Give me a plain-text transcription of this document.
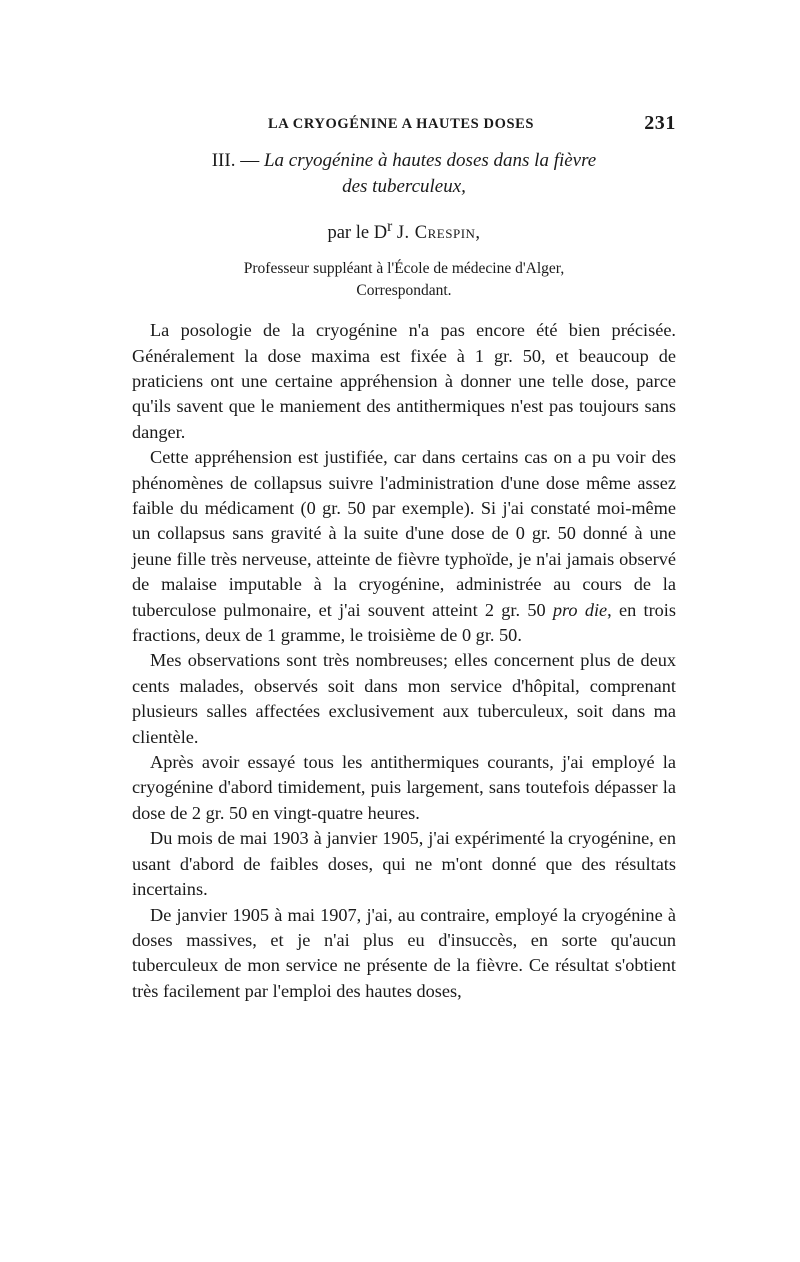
LA CRYOGÉNINE A HAUTES DOSES	231
III. — La cryogénine à hautes doses dans la fièvre
des tuberculeux,
par le $D^r$ J. Crespin,
Professeur suppléant à l'École de médecine d'Alger,
Correspondant.

La posologie de la cryogénine n'a pas encore été bien précisée. Généralement la dose maxima est fixée à 1 gr. 50, et beaucoup de praticiens ont une certaine appréhension à donner une telle dose, parce qu'ils savent que le maniement des antithermiques n'est pas toujours sans danger.

Cette appréhension est justifiée, car dans certains cas on a pu voir des phénomènes de collapsus suivre l'administration d'une dose même assez faible du médicament (0 gr. 50 par exemple). Si j'ai constaté moi-même un collapsus sans gravité à la suite d'une dose de 0 gr. 50 donné à une jeune fille très nerveuse, atteinte de fièvre typhoïde, je n'ai jamais observé de malaise imputable à la cryogénine, administrée au cours de la tuberculose pulmonaire, et j'ai souvent atteint 2 gr. 50 pro die, en trois fractions, deux de 1 gramme, le troisième de 0 gr. 50.

Mes observations sont très nombreuses; elles concernent plus de deux cents malades, observés soit dans mon service d'hôpital, comprenant plusieurs salles affectées exclusivement aux tuberculeux, soit dans ma clientèle.

Après avoir essayé tous les antithermiques courants, j'ai employé la cryogénine d'abord timidement, puis largement, sans toutefois dépasser la dose de 2 gr. 50 en vingt-quatre heures.

Du mois de mai 1903 à janvier 1905, j'ai expérimenté la cryogénine, en usant d'abord de faibles doses, qui ne m'ont donné que des résultats incertains.

De janvier 1905 à mai 1907, j'ai, au contraire, employé la cryogénine à doses massives, et je n'ai plus eu d'insuccès, en sorte qu'aucun tuberculeux de mon service ne présente de la fièvre. Ce résultat s'obtient très facilement par l'emploi des hautes doses,
